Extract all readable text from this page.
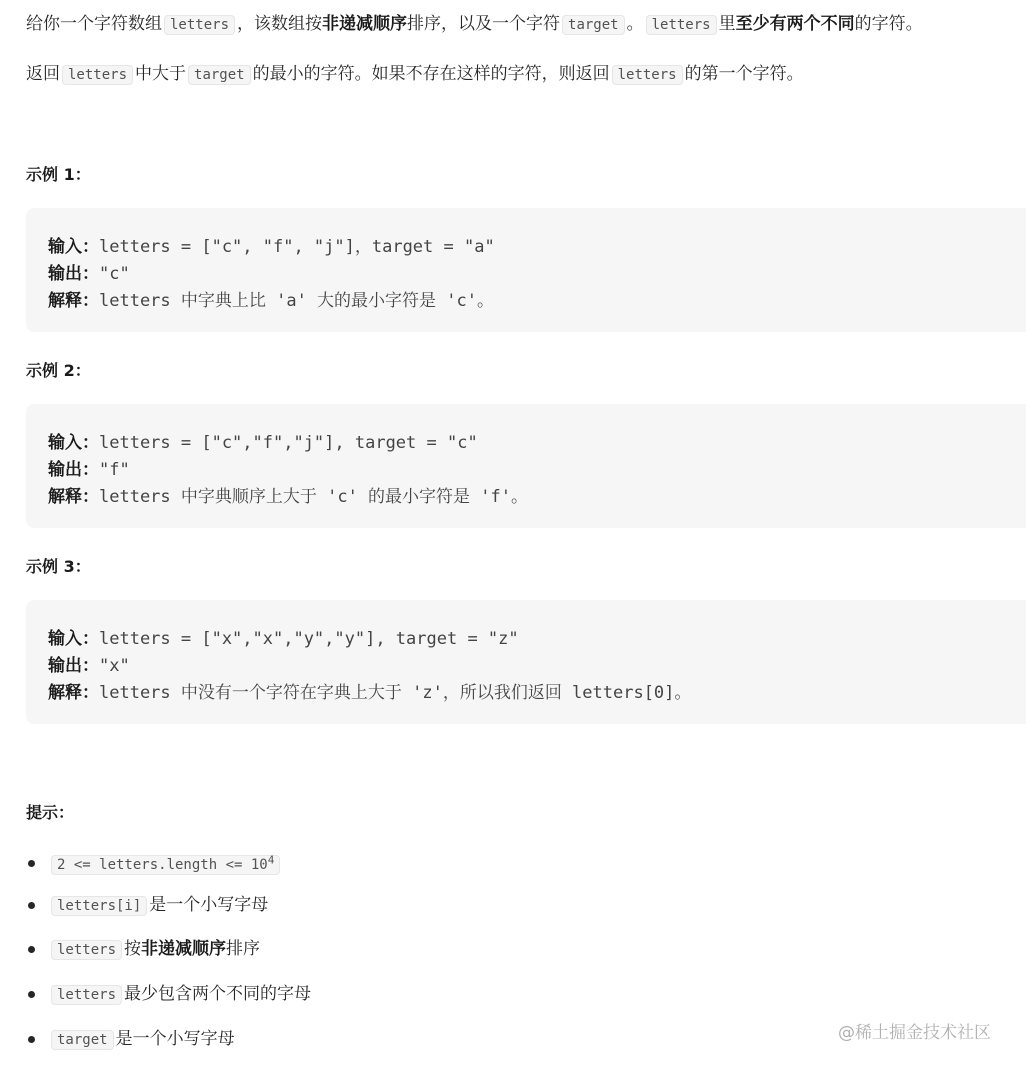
给你一个字符数组 letters ，该数组按非递减顺序排序，以及一个字符 target 。 letters 里至少有两个不同的字符。
返回 letters 中大于 target 的最小的字符。如果不存在这样的字符，则返回 letters 的第一个字符。
示例 1：
输入：letters = ["c", "f", "j"]，target = "a"
输出："c"
解释：letters 中字典上比 'a' 大的最小字符是 'c'。
示例 2：
输入：letters = ["c","f","j"], target = "c"
输出："f"
解释：letters 中字典顺序上大于 'c' 的最小字符是 'f'。
示例 3：
输入：letters = ["x","x","y","y"], target = "z"
输出："x"
解释：letters 中没有一个字符在字典上大于 'z'，所以我们返回 letters[0]。
提示：
2 <= letters.length <= $10^4$
letters[i] 是一个小写字母
letters 按非递减顺序排序
letters 最少包含两个不同的字母
target 是一个小写字母	@稀土掘金技术社区
